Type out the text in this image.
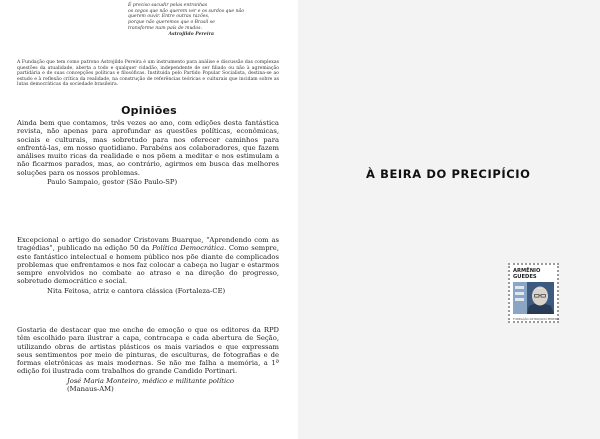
É preciso sacudir pelas entranhas
os cegos que não querem ver e os surdos que não
querem ouvir. Entre outras razões,
porque não queremos que o Brasil se
transforme num país de mudos.
Astrojildo Pereira
A Fundação que tem como patrono Astrojildo Pereira é um instrumento para análise e discussão das complexas questões da atualidade, aberta a todo e qualquer cidadão, independente de ser filiado ou não à agremiação partidária e de suas concepções políticas e filosóficas. Instituída pelo Partido Popular Socialista, destina-se ao estudo e à reflexão crítica da realidade, na construção de referências teóricas e culturais que incidam sobre as lutas democráticas da sociedade brasileira.
Opiniões

Ainda bem que contamos, três vezes ao ano, com edições desta fantástica revista, não apenas para aprofundar as questões políticas, econômicas, sociais e culturais, mas sobretudo para nos oferecer caminhos para enfrentá-las, em nosso quotidiano. Parabéns aos colaboradores, que fazem análises muito ricas da realidade e nos põem a meditar e nos estimulam a não ficarmos parados, mas, ao contrário, agirmos em busca das melhores soluções para os nossos problemas.

Paulo Sampaio, gestor (São Paulo-SP)

Excepcional o artigo do senador Cristovam Buarque, "Aprendendo com as tragédias", publicado na edição 50 da Política Democrática. Como sempre, este fantástico intelectual e homem público nos põe diante de complicados problemas que enfrentamos e nos faz colocar a cabeça no lugar e estarmos sempre envolvidos no combate ao atraso e na direção do progresso, sobretudo democrático e social.

Nita Feitosa, atriz e cantora clássica (Fortaleza-CE)

Gostaria de destacar que me enche de emoção o que os editores da RPD têm escolhido para ilustrar a capa, contracapa e cada abertura de Seção, utilizando obras de artistas plásticos os mais variados e que expressam seus sentimentos por meio de pinturas, de esculturas, de fotografias e de formas eletrônicas as mais modernas. Se não me falha a memória, a 1ª edição foi ilustrada com trabalhos do grande Candido Portinari.

José Maria Monteiro, médico e militante político

(Manaus-AM)

À BEIRA DO PRECIPÍCIO
ARMÊNIO
GUEDES
FUNDAÇÃO ASTROJILDO PEREIRA
